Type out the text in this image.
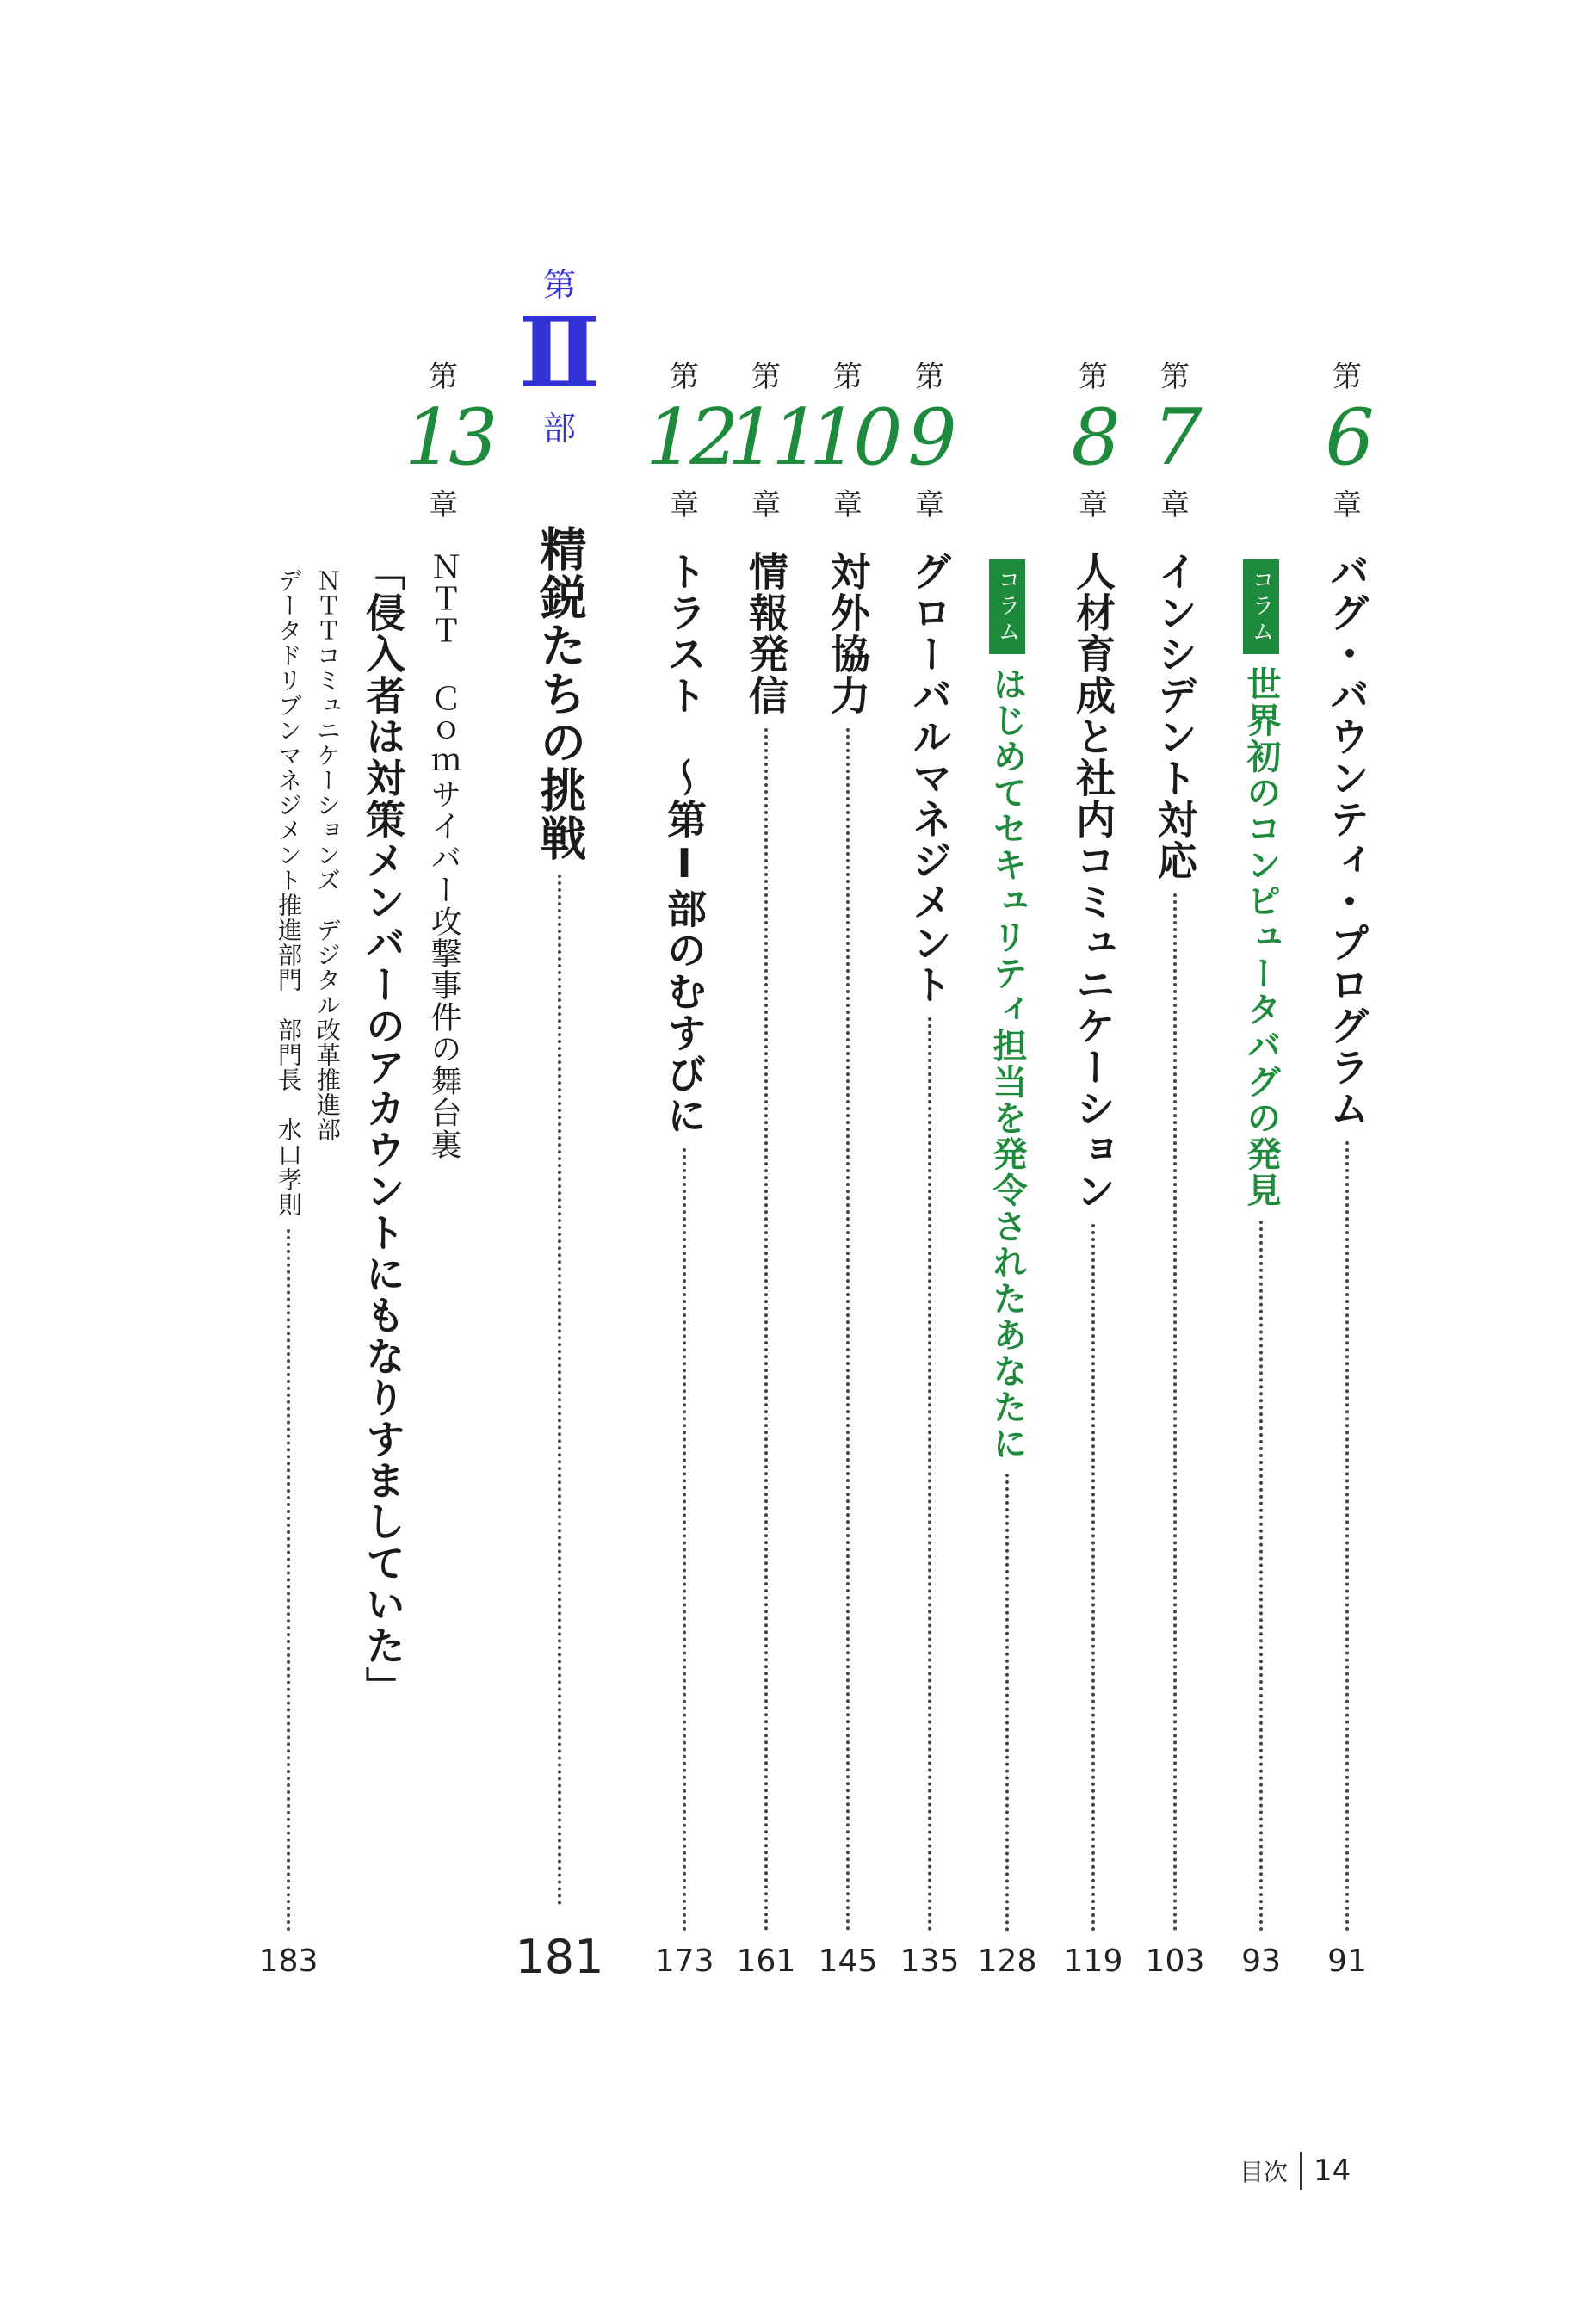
第
6
章
バグ・バウンティ・プログラム
91
コラム
世界初のコンピュータバグの発見
93
第
7
章
インシデント対応
103
第
8
章
人材育成と社内コミュニケーション
119
コラム
はじめてセキュリティ担当を発令されたあなたに
128
第
9
章
グローバルマネジメント
135
第
10
章
対外協力
145
第
11
章
情報発信
161
第
12
章
トラスト　～第Ⅰ部のむすびに
173
第
Ⅱ
部
精鋭たちの挑戦
181
第
13
章
ＮＴＴ Ｃｏｍサイバー攻撃事件の舞台裏
「侵入者は対策メンバーのアカウントにもなりすましていた」
ＮＴＴコミュニケーションズ　デジタル改革推進部
データドリブンマネジメント推進部門　部門長　水口孝則
183
目次 14
